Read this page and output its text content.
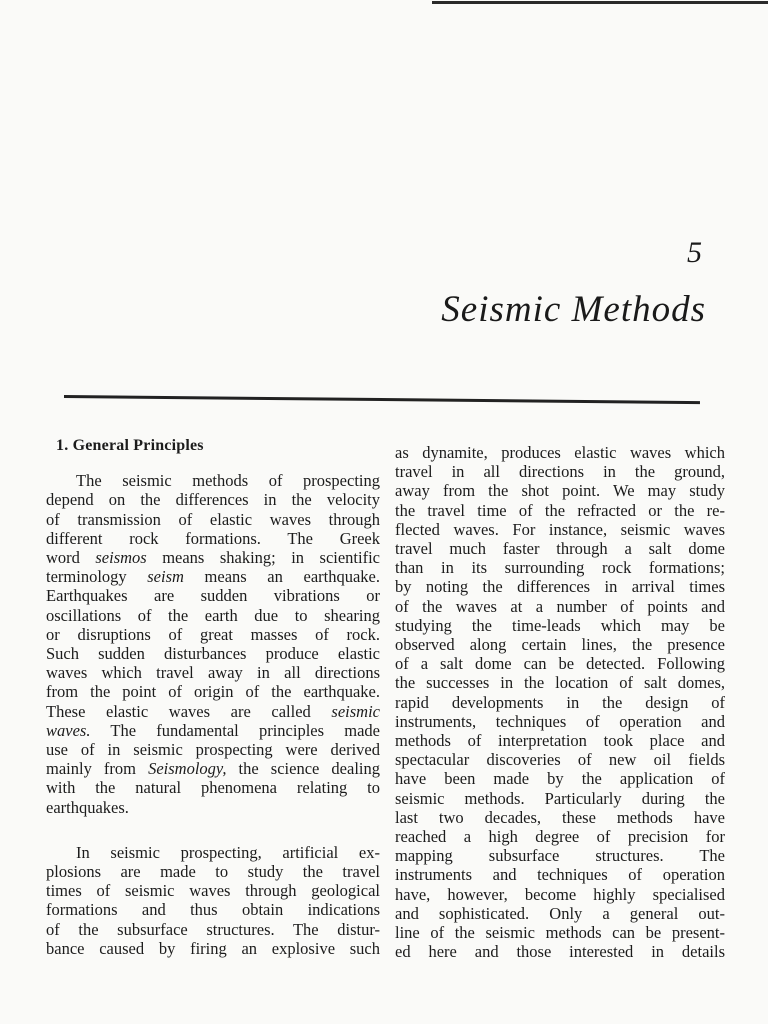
5
Seismic Methods
1. General Principles
The seismic methods of prospecting
depend on the differences in the velocity
of transmission of elastic waves through
different rock formations. The Greek
word seismos means shaking; in scientific
terminology seism means an earthquake.
Earthquakes are sudden vibrations or
oscillations of the earth due to shearing
or disruptions of great masses of rock.
Such sudden disturbances produce elastic
waves which travel away in all directions
from the point of origin of the earthquake.
These elastic waves are called seismic
waves. The fundamental principles made
use of in seismic prospecting were derived
mainly from Seismology, the science dealing
with the natural phenomena relating to
earthquakes.
In seismic prospecting, artificial ex-
plosions are made to study the travel
times of seismic waves through geological
formations and thus obtain indications
of the subsurface structures. The distur-
bance caused by firing an explosive such
as dynamite, produces elastic waves which
travel in all directions in the ground,
away from the shot point. We may study
the travel time of the refracted or the re-
flected waves. For instance, seismic waves
travel much faster through a salt dome
than in its surrounding rock formations;
by noting the differences in arrival times
of the waves at a number of points and
studying the time-leads which may be
observed along certain lines, the presence
of a salt dome can be detected. Following
the successes in the location of salt domes,
rapid developments in the design of
instruments, techniques of operation and
methods of interpretation took place and
spectacular discoveries of new oil fields
have been made by the application of
seismic methods. Particularly during the
last two decades, these methods have
reached a high degree of precision for
mapping subsurface structures. The
instruments and techniques of operation
have, however, become highly specialised
and sophisticated. Only a general out-
line of the seismic methods can be present-
ed here and those interested in details
